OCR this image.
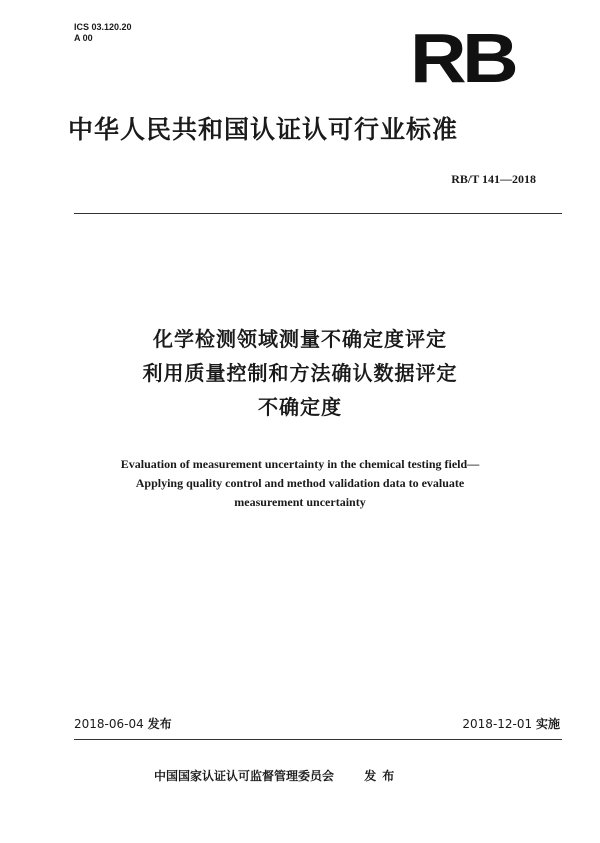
ICS 03.120.20
A 00	RB
中华人民共和国认证认可行业标准
RB/T 141—2018
化学检测领域测量不确定度评定
利用质量控制和方法确认数据评定
不确定度
Evaluation of measurement uncertainty in the chemical testing field—
Applying quality control and method validation data to evaluate
measurement uncertainty
2018-06-04 发布	2018-12-01 实施
中国国家认证认可监督管理委员会	发布
